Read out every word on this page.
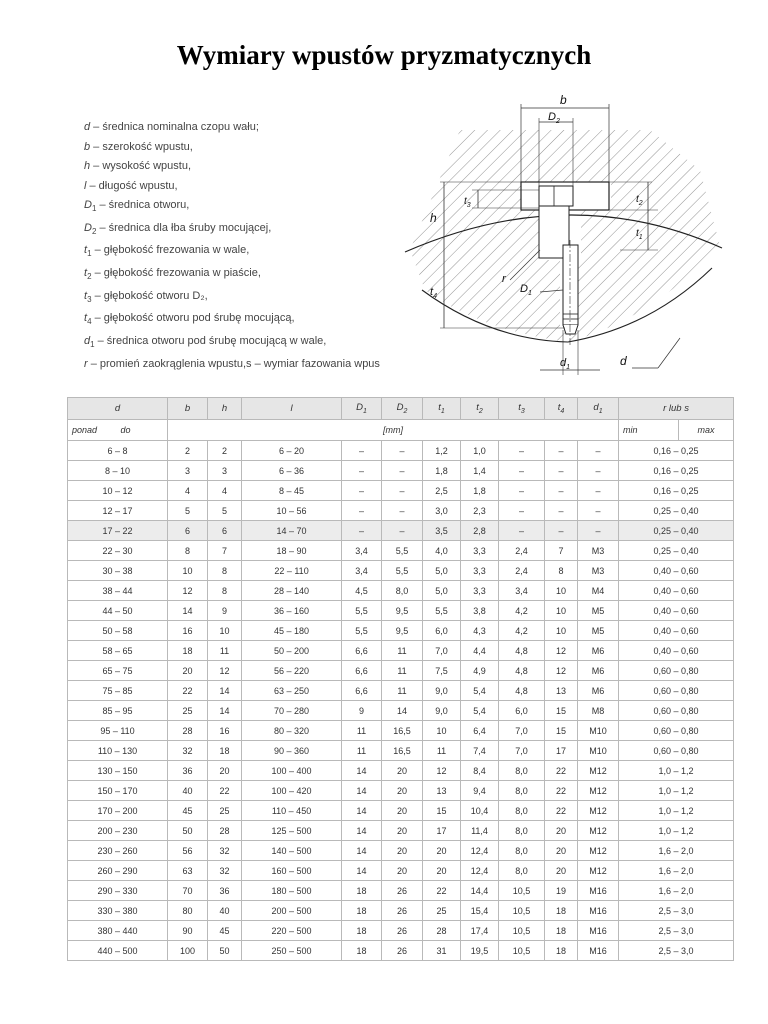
Wymiary wpustów pryzmatycznych
d – średnica nominalna czopu wału;
b – szerokość wpustu,
h – wysokość wpustu,
l – długość wpustu,
$D_1$ – średnica otworu,
$D_2$ – średnica dla łba śruby mocującej,
$t_1$ – głębokość frezowania w wale,
$t_2$ – głębokość frezowania w piaście,
$t_3$ – głębokość otworu D₂,
$t_4$ – głębokość otworu pod śrubę mocującą,
$d_1$ – średnica otworu pod śrubę mocującą w wale,
r – promień zaokrąglenia wpustu,s – wymiar fazowania wpus
b
$D_2$
h
$t_3$
$t_4$
$t_2$
$t_1$
r
$D_1$
$d_1$	d
d		b	h	l	$D_1$	$D_2$	$t_1$	$t_2$	$t_3$	$t_4$	$d_1$	r lub s	
ponad	do	[mm]										min	max
6 – 8		2	2	6 – 20	–	–	1,2	1,0	–	–	–	0,16 – 0,25	
8 – 10		3	3	6 – 36	–	–	1,8	1,4	–	–	–	0,16 – 0,25	
10 – 12		4	4	8 – 45	–	–	2,5	1,8	–	–	–	0,16 – 0,25	
12 – 17		5	5	10 – 56	–	–	3,0	2,3	–	–	–	0,25 – 0,40	
17 – 22		6	6	14 – 70	–	–	3,5	2,8	–	–	–	0,25 – 0,40	
22 – 30		8	7	18 – 90	3,4	5,5	4,0	3,3	2,4	7	M3	0,25 – 0,40	
30 – 38		10	8	22 – 110	3,4	5,5	5,0	3,3	2,4	8	M3	0,40 – 0,60	
38 – 44		12	8	28 – 140	4,5	8,0	5,0	3,3	3,4	10	M4	0,40 – 0,60	
44 – 50		14	9	36 – 160	5,5	9,5	5,5	3,8	4,2	10	M5	0,40 – 0,60	
50 – 58		16	10	45 – 180	5,5	9,5	6,0	4,3	4,2	10	M5	0,40 – 0,60	
58 – 65		18	11	50 – 200	6,6	11	7,0	4,4	4,8	12	M6	0,40 – 0,60	
65 – 75		20	12	56 – 220	6,6	11	7,5	4,9	4,8	12	M6	0,60 – 0,80	
75 – 85		22	14	63 – 250	6,6	11	9,0	5,4	4,8	13	M6	0,60 – 0,80	
85 – 95		25	14	70 – 280	9	14	9,0	5,4	6,0	15	M8	0,60 – 0,80	
95 – 110		28	16	80 – 320	11	16,5	10	6,4	7,0	15	M10	0,60 – 0,80	
110 – 130		32	18	90 – 360	11	16,5	11	7,4	7,0	17	M10	0,60 – 0,80	
130 – 150		36	20	100 – 400	14	20	12	8,4	8,0	22	M12	1,0 – 1,2	
150 – 170		40	22	100 – 420	14	20	13	9,4	8,0	22	M12	1,0 – 1,2	
170 – 200		45	25	110 – 450	14	20	15	10,4	8,0	22	M12	1,0 – 1,2	
200 – 230		50	28	125 – 500	14	20	17	11,4	8,0	20	M12	1,0 – 1,2	
230 – 260		56	32	140 – 500	14	20	20	12,4	8,0	20	M12	1,6 – 2,0	
260 – 290		63	32	160 – 500	14	20	20	12,4	8,0	20	M12	1,6 – 2,0	
290 – 330		70	36	180 – 500	18	26	22	14,4	10,5	19	M16	1,6 – 2,0	
330 – 380		80	40	200 – 500	18	26	25	15,4	10,5	18	M16	2,5 – 3,0	
380 – 440		90	45	220 – 500	18	26	28	17,4	10,5	18	M16	2,5 – 3,0	
440 – 500		100	50	250 – 500	18	26	31	19,5	10,5	18	M16	2,5 – 3,0	
